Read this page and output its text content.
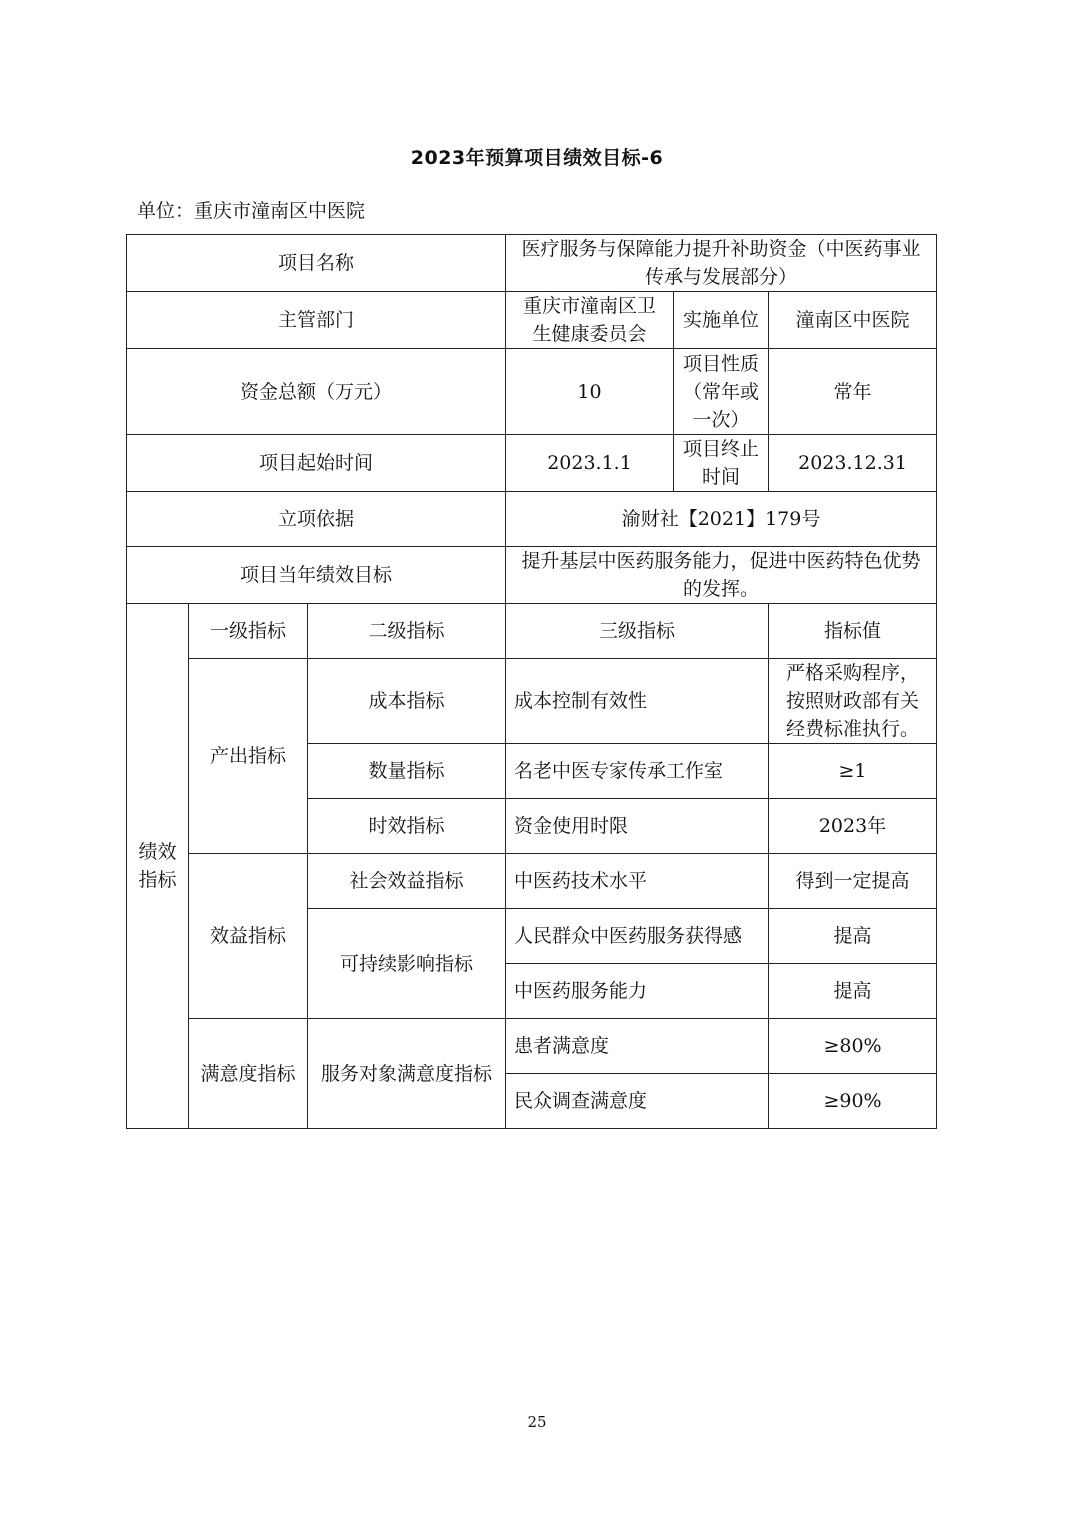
2023年预算项目绩效目标-6
单位：重庆市潼南区中医院
项目名称			医疗服务与保障能力提升补助资金（中医药事业传承与发展部分）		
主管部门			重庆市潼南区卫生健康委员会	实施单位	潼南区中医院
资金总额（万元）			10	项目性质（常年或一次）	常年
项目起始时间			2023.1.1	项目终止时间	2023.12.31
立项依据			渝财社【2021】179号		
项目当年绩效目标			提升基层中医药服务能力，促进中医药特色优势的发挥。		
绩效指标	一级指标	二级指标	三级指标		指标值
	产出指标	成本指标	成本控制有效性		严格采购程序，按照财政部有关经费标准执行。
		数量指标	名老中医专家传承工作室		≥1
		时效指标	资金使用时限		2023年
	效益指标	社会效益指标	中医药技术水平		得到一定提高
		可持续影响指标	人民群众中医药服务获得感		提高
			中医药服务能力		提高
	满意度指标	服务对象满意度指标	患者满意度		≥80%
			民众调查满意度		≥90%
25
